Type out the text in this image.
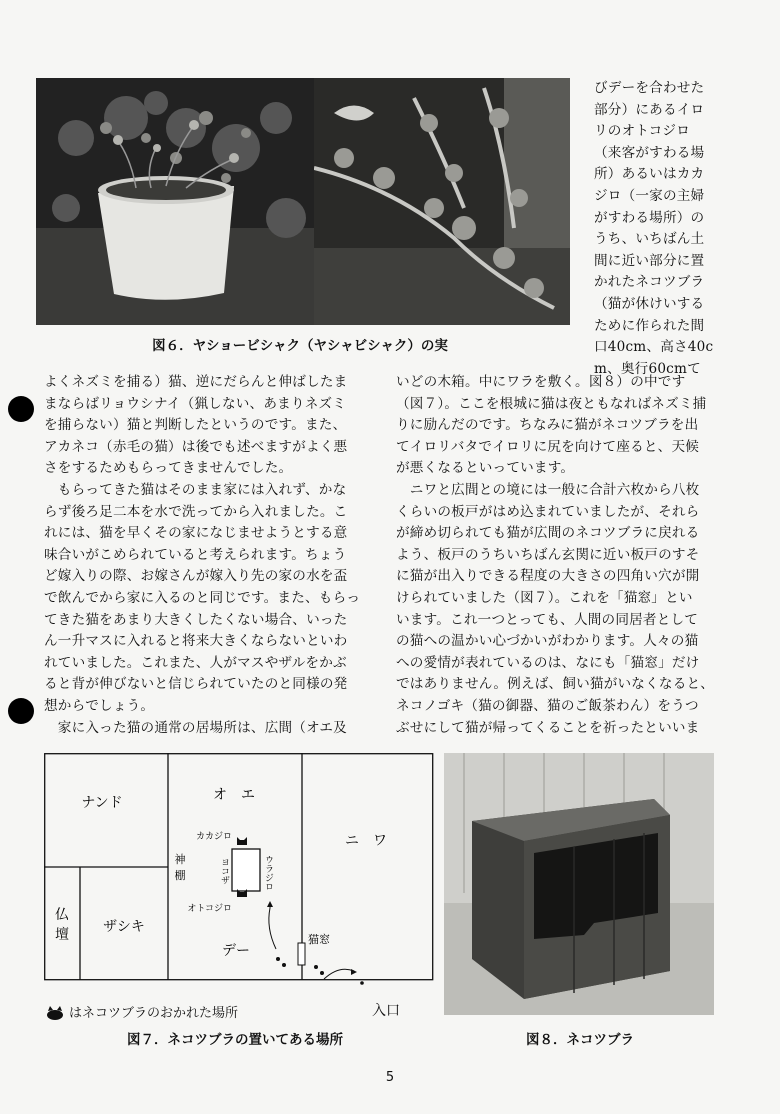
図６．ヤショービシャク（ヤシャビシャク）の実
びデーを合わせた
部分）にあるイロ
リのオトコジロ
（来客がすわる場
所）あるいはカカ
ジロ（一家の主婦
がすわる場所）の
うち、いちばん土
間に近い部分に置
かれたネコツブラ
（猫が休けいする
ために作られた間
口40cm、高さ40c
m、奥行60cmて
よくネズミを捕る）猫、逆にだらんと伸ばしたま
まならばリョウシナイ（猟しない、あまりネズミ
を捕らない）猫と判断したというのです。また、
アカネコ（赤毛の猫）は後でも述べますがよく悪
さをするためもらってきませんでした。
　もらってきた猫はそのまま家には入れず、かな
らず後ろ足二本を水で洗ってから入れました。こ
れには、猫を早くその家になじませようとする意
味合いがこめられていると考えられます。ちょう
ど嫁入りの際、お嫁さんが嫁入り先の家の水を盃
で飲んでから家に入るのと同じです。また、もらっ
てきた猫をあまり大きくしたくない場合、いった
ん一升マスに入れると将来大きくならないといわ
れていました。これまた、人がマスやザルをかぶ
ると背が伸びないと信じられていたのと同様の発
想からでしょう。
　家に入った猫の通常の居場所は、広間（オエ及
いどの木箱。中にワラを敷く。図８）の中です
（図７）。ここを根城に猫は夜ともなればネズミ捕
りに励んだのです。ちなみに猫がネコツブラを出
てイロリバタでイロリに尻を向けて座ると、天候
が悪くなるといっています。
　ニワと広間との境には一般に合計六枚から八枚
くらいの板戸がはめ込まれていましたが、それら
が締め切られても猫が広間のネコツブラに戻れる
よう、板戸のうちいちばん玄関に近い板戸のすそ
に猫が出入りできる程度の大きさの四角い穴が開
けられていました（図７）。これを「猫窓」とい
います。これ一つとっても、人間の同居者として
の猫への温かい心づかいがわかります。人々の猫
への愛情が表れているのは、なにも「猫窓」だけ
ではありません。例えば、飼い猫がいなくなると、
ネコノゴキ（猫の御器、猫のご飯茶わん）をうつ
ぶせにして猫が帰ってくることを祈ったといいま
ナンド	オ　エ
ニ　ワ
仏
壇 ザシキ
デー
神
棚
カカジロ
オトコジロ
ヨコザ	ウラジロ
猫窓
入口
はネコツブラのおかれた場所
図７．ネコツブラの置いてある場所	図８．ネコツブラ
5
